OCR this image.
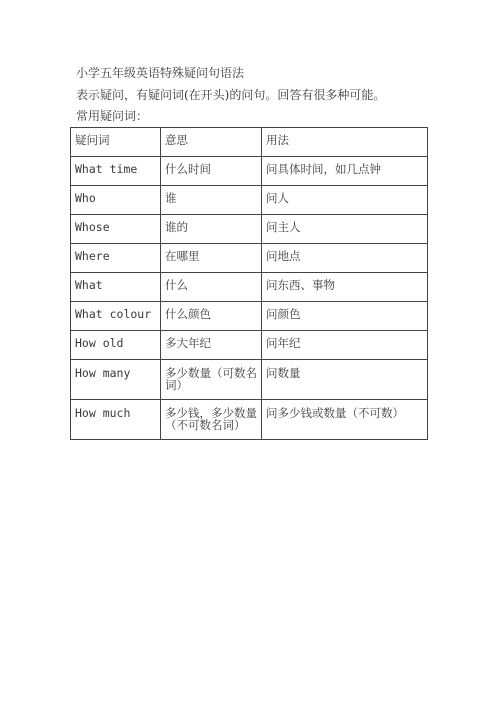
小学五年级英语特殊疑问句语法
表示疑问，有疑问词(在开头)的问句。回答有很多种可能。
常用疑问词：
疑问词	意思	用法
What time	什么时间	问具体时间，如几点钟
Who	谁	问人
Whose	谁的	问主人
Where	在哪里	问地点
What	什么	问东西、事物
What colour	什么颜色	问颜色
How old	多大年纪	问年纪
How many	多少数量（可数名词）	问数量
How much	多少钱，多少数量（不可数名词）	问多少钱或数量（不可数）
